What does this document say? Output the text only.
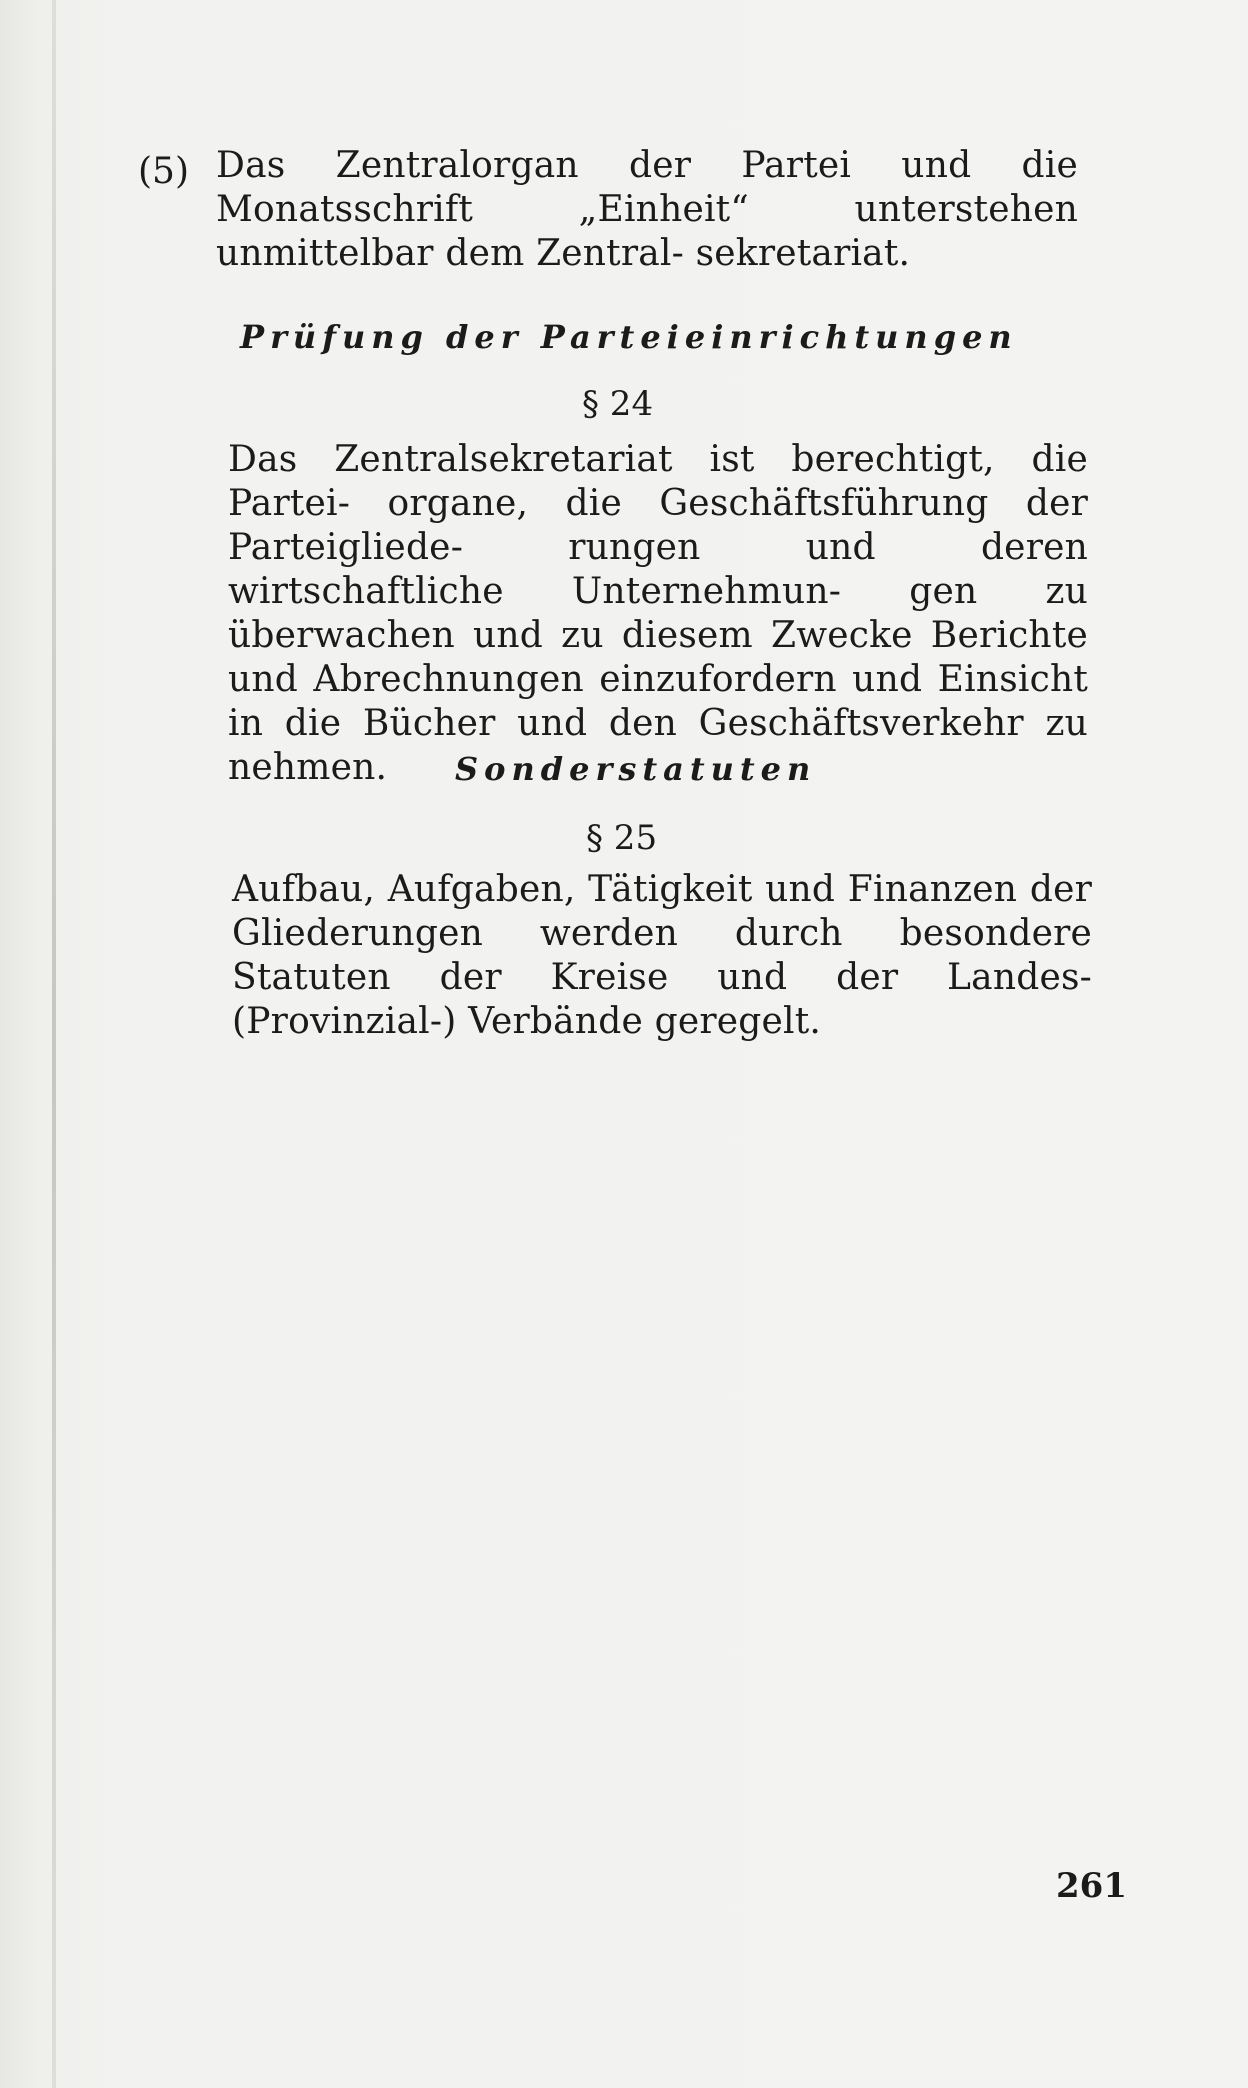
(5) Das Zentralorgan der Partei und die Monatsschrift „Einheit“ unterstehen unmittelbar dem Zentral- sekretariat.
Prüfung der Parteieinrichtungen
§ 24
Das Zentralsekretariat ist berechtigt, die Partei- organe, die Geschäftsführung der Parteigliede- rungen und deren wirtschaftliche Unternehmun- gen zu überwachen und zu diesem Zwecke Berichte und Abrechnungen einzufordern und Einsicht in die Bücher und den Geschäftsverkehr zu nehmen.	Sonderstatuten
§ 25
Aufbau, Aufgaben, Tätigkeit und Finanzen der Gliederungen werden durch besondere Statuten der Kreise und der Landes- (Provinzial-) Verbände geregelt.
261
